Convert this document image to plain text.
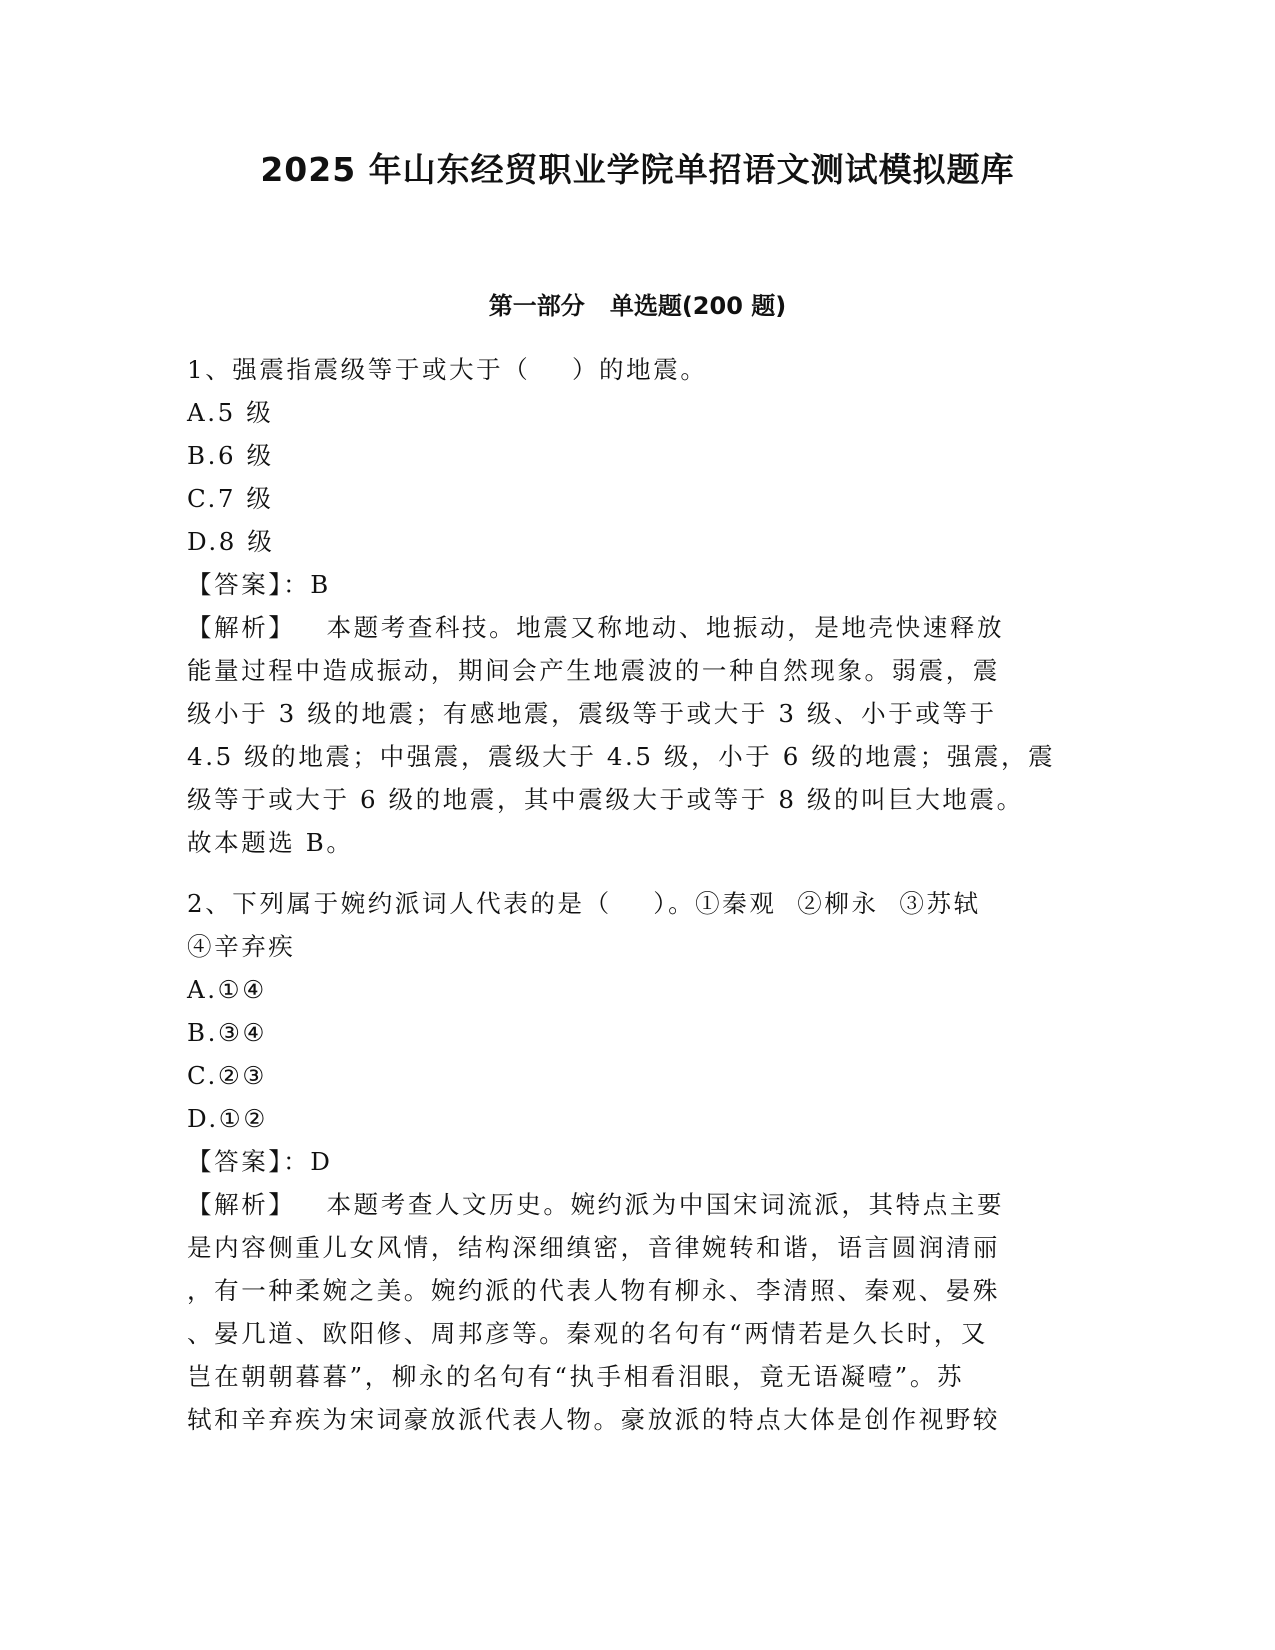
2025 年山东经贸职业学院单招语文测试模拟题库
第一部分   单选题(200 题)
1、强震指震级等于或大于（    ）的地震。
A.5 级
B.6 级
C.7 级
D.8 级
【答案】：B
【解析】   本题考查科技。地震又称地动、地振动，是地壳快速释放
能量过程中造成振动，期间会产生地震波的一种自然现象。弱震，震
级小于 3 级的地震；有感地震，震级等于或大于 3 级、小于或等于
4.5 级的地震；中强震，震级大于 4.5 级，小于 6 级的地震；强震，震
级等于或大于 6 级的地震，其中震级大于或等于 8 级的叫巨大地震。
故本题选 B。
2、下列属于婉约派词人代表的是（    ）。①秦观  ②柳永  ③苏轼
④辛弃疾
A.①④
B.③④
C.②③
D.①②
【答案】：D
【解析】   本题考查人文历史。婉约派为中国宋词流派，其特点主要
是内容侧重儿女风情，结构深细缜密，音律婉转和谐，语言圆润清丽
，有一种柔婉之美。婉约派的代表人物有柳永、李清照、秦观、晏殊
、晏几道、欧阳修、周邦彦等。秦观的名句有“两情若是久长时，又
岂在朝朝暮暮”，柳永的名句有“执手相看泪眼，竟无语凝噎”。苏
轼和辛弃疾为宋词豪放派代表人物。豪放派的特点大体是创作视野较
